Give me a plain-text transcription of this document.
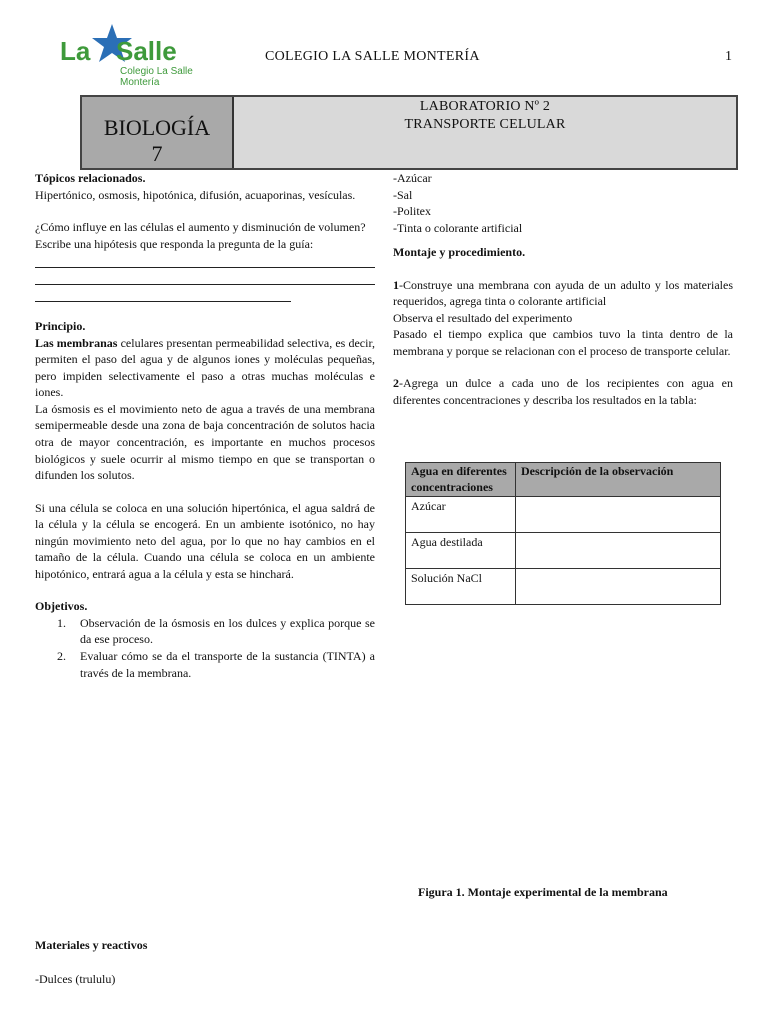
La Salle
Colegio La Salle
Montería
COLEGIO LA SALLE MONTERÍA	1
BIOLOGÍA
7
LABORATORIO Nº 2
TRANSPORTE CELULAR
Tópicos relacionados.

Hipertónico, osmosis, hipotónica, difusión, acuaporinas, vesículas.

¿Cómo influye en las células el aumento y disminución de volumen?

Escribe una hipótesis que responda la pregunta de la guía:

Principio.

Las membranas celulares presentan permeabilidad selectiva, es decir, permiten el paso del agua y de algunos iones y moléculas pequeñas, pero impiden selectivamente el paso a otras muchas moléculas e iones.

La ósmosis es el movimiento neto de agua a través de una membrana semipermeable desde una zona de baja concentración de solutos hacia otra de mayor concentración, es importante en muchos procesos biológicos y suele ocurrir al mismo tiempo en que se transportan o difunden los solutos.

Si una célula se coloca en una solución hipertónica, el agua saldrá de la célula y la célula se encogerá. En un ambiente isotónico, no hay ningún movimiento neto del agua, por lo que no hay cambios en el tamaño de la célula. Cuando una célula se coloca en un ambiente hipotónico, entrará agua a la célula y esta se hinchará.

Objetivos.
1.	Observación de la ósmosis en los dulces y explica porque se da ese proceso.
2.	Evaluar cómo se da el transporte de la sustancia (TINTA) a través de la membrana.
-Azúcar
-Sal
-Politex
-Tinta o colorante artificial
Montaje y procedimiento.

1-Construye una membrana con ayuda de un adulto y los materiales requeridos, agrega tinta o colorante artificial

Observa el resultado del experimento

Pasado el tiempo explica que cambios tuvo la tinta dentro de la membrana y porque se relacionan con el proceso de transporte celular.

2-Agrega un dulce a cada uno de los recipientes con agua en diferentes concentraciones y describa los resultados en la tabla:

Agua en diferentes concentraciones	Descripción de la observación
Azúcar	
Agua destilada	
Solución NaCl	
Figura 1. Montaje experimental de la membrana
Materiales y reactivos
-Dulces (trululu)
